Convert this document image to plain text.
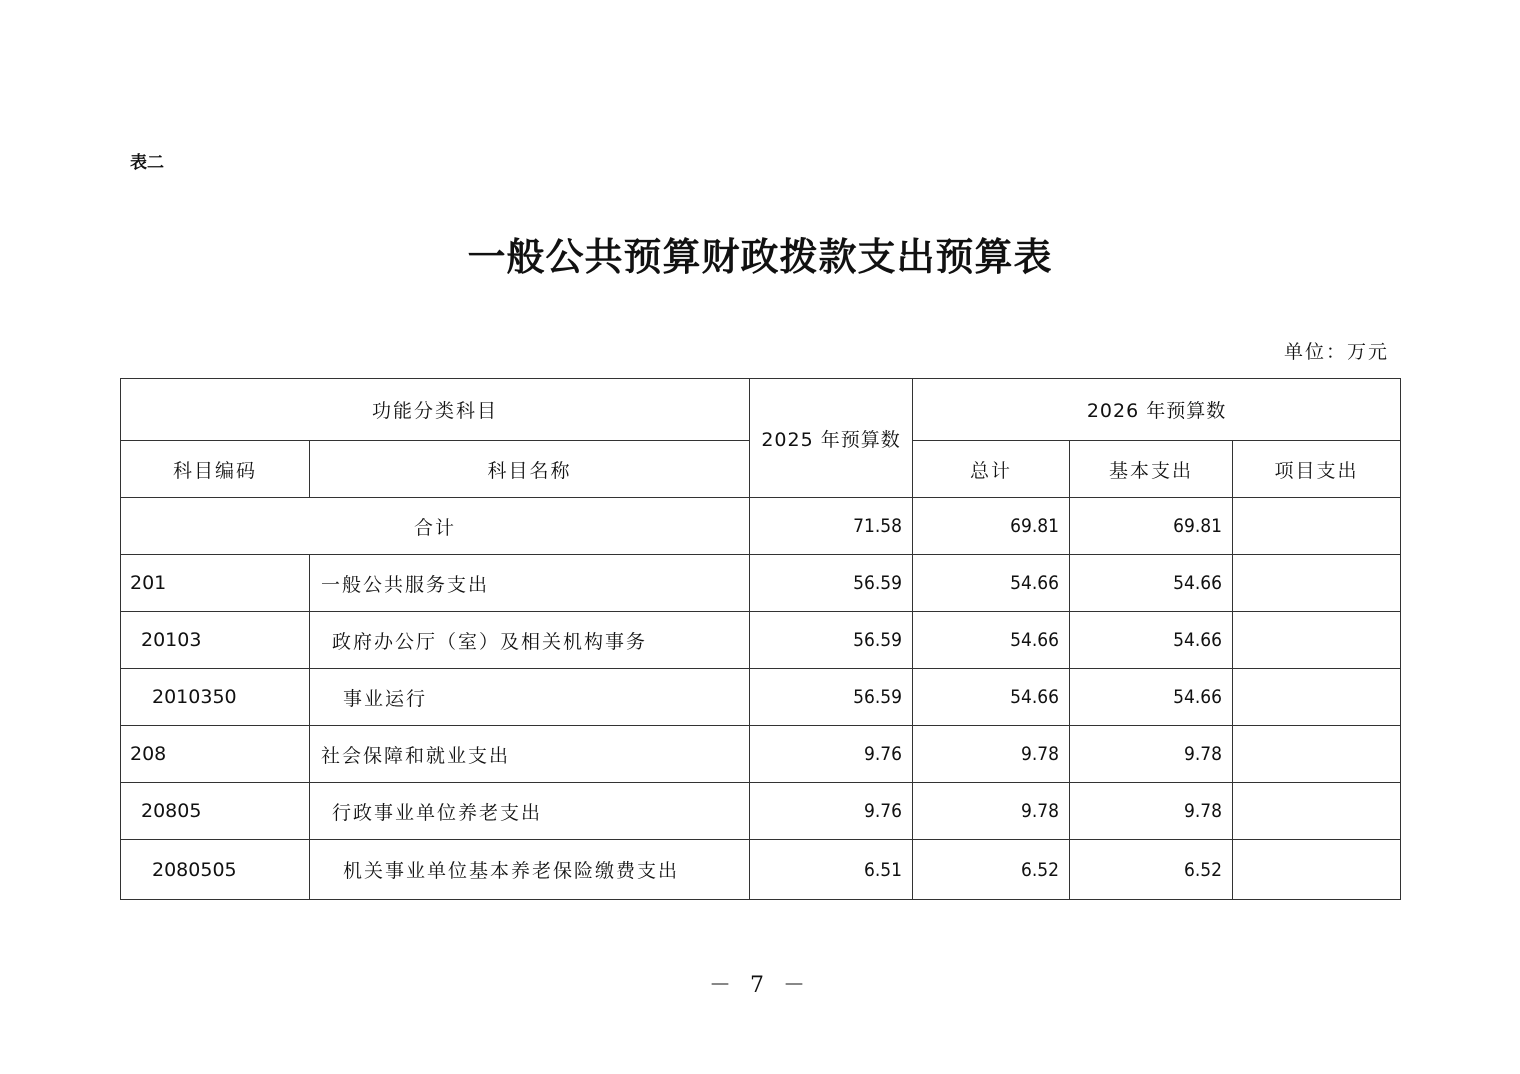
表二
一般公共预算财政拨款支出预算表
单位：万元
功能分类科目		2025 年预算数	2026 年预算数		
科目编码	科目名称		总计	基本支出	项目支出
合计		71.58	69.81	69.81	
201	一般公共服务支出	56.59	54.66	54.66	
20103	政府办公厅（室）及相关机构事务	56.59	54.66	54.66	
2010350	事业运行	56.59	54.66	54.66	
208	社会保障和就业支出	9.76	9.78	9.78	
20805	行政事业单位养老支出	9.76	9.78	9.78	
2080505	机关事业单位基本养老保险缴费支出	6.51	6.52	6.52	
－ 7 －
